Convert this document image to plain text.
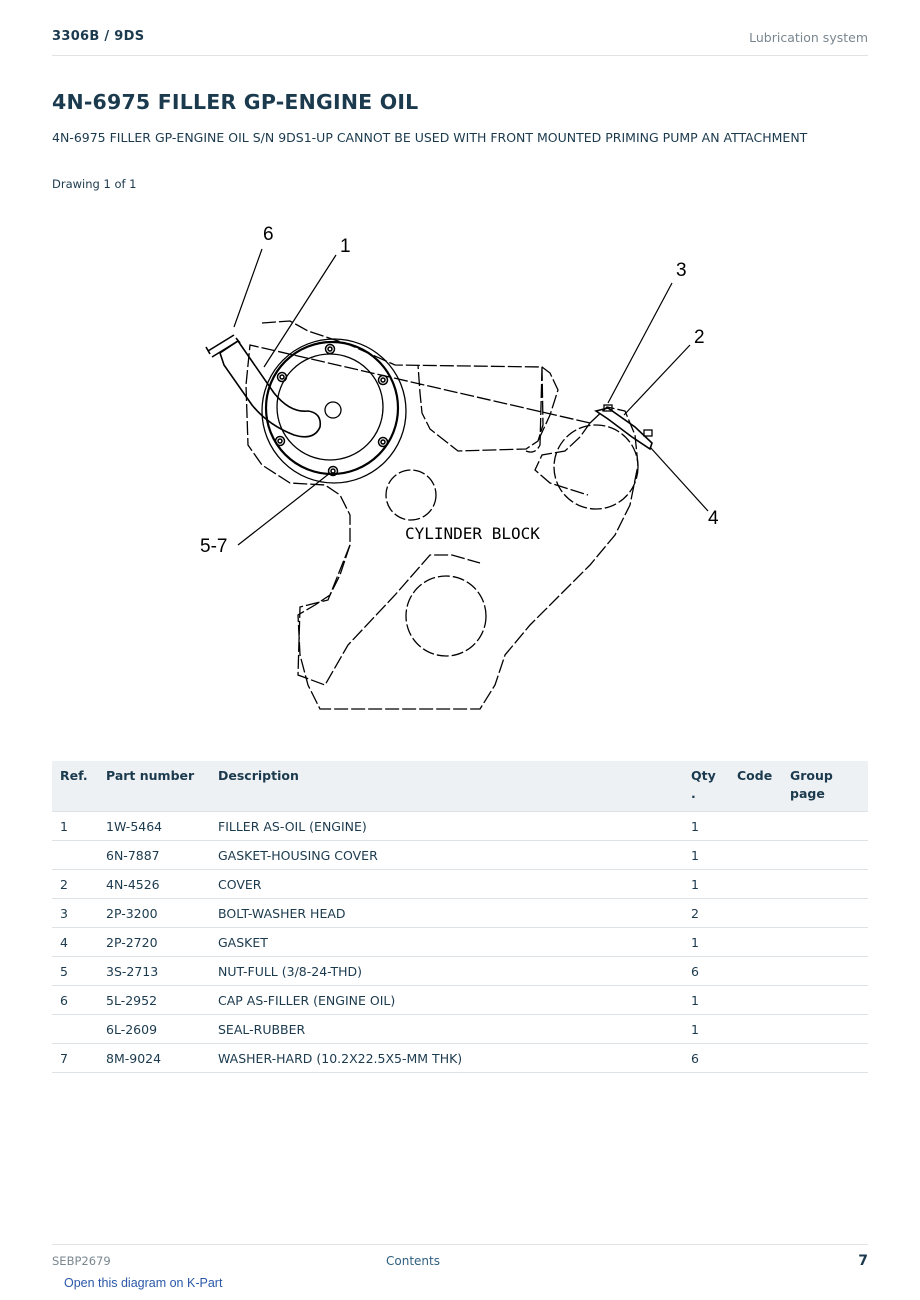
3306B / 9DS	Lubrication system
4N-6975 FILLER GP-ENGINE OIL

4N-6975 FILLER GP-ENGINE OIL S/N 9DS1-UP CANNOT BE USED WITH FRONT MOUNTED PRIMING PUMP AN ATTACHMENT

Drawing 1 of 1

6
1
3
2
4
5-7
CYLINDER BLOCK
Ref.	Part number	Description	Qty .	Code	Group page
1	1W-5464	FILLER AS-OIL (ENGINE)	1		
	6N-7887	GASKET-HOUSING COVER	1		
2	4N-4526	COVER	1		
3	2P-3200	BOLT-WASHER HEAD	2		
4	2P-2720	GASKET	1		
5	3S-2713	NUT-FULL (3/8-24-THD)	6		
6	5L-2952	CAP AS-FILLER (ENGINE OIL)	1		
	6L-2609	SEAL-RUBBER	1		
7	8M-9024	WASHER-HARD (10.2X22.5X5-MM THK)	6		
SEBP2679	Contents	7
Open this diagram on K-Part
